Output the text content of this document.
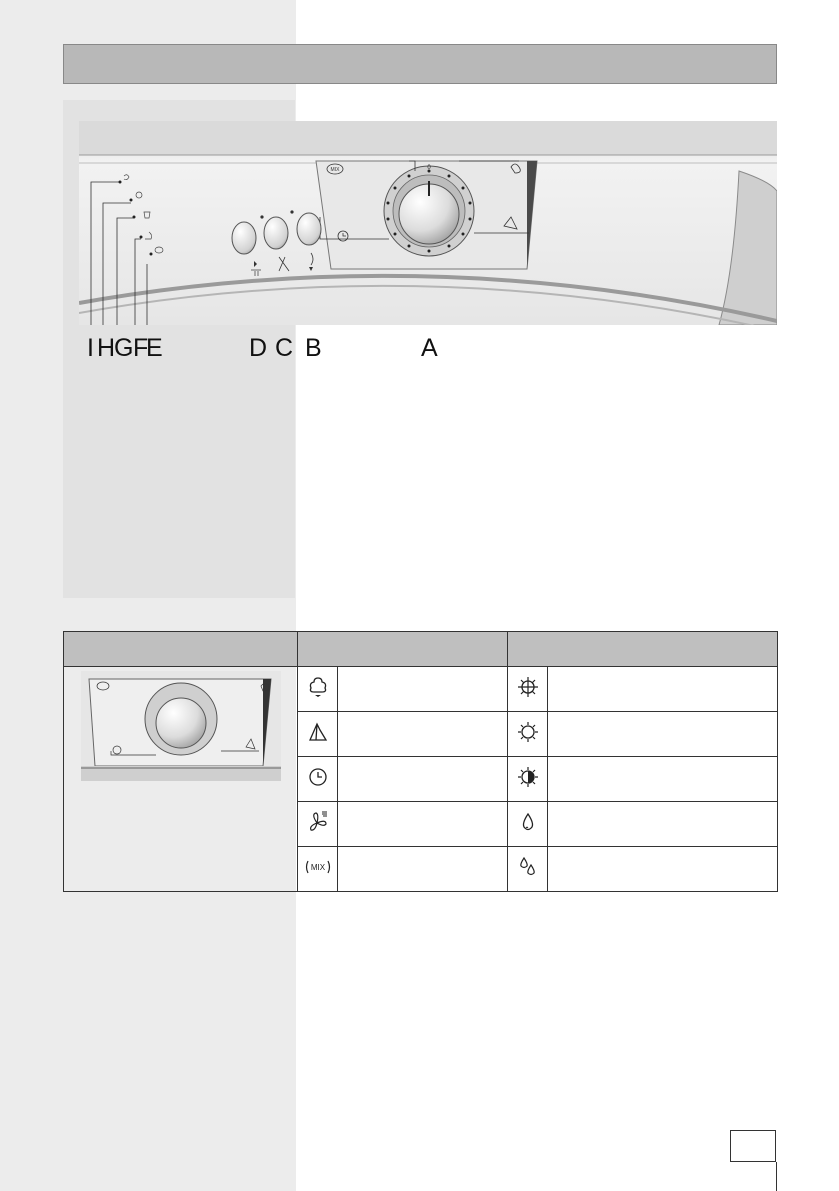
MIX	0
I H
G F
E	D C B	A

MIX
